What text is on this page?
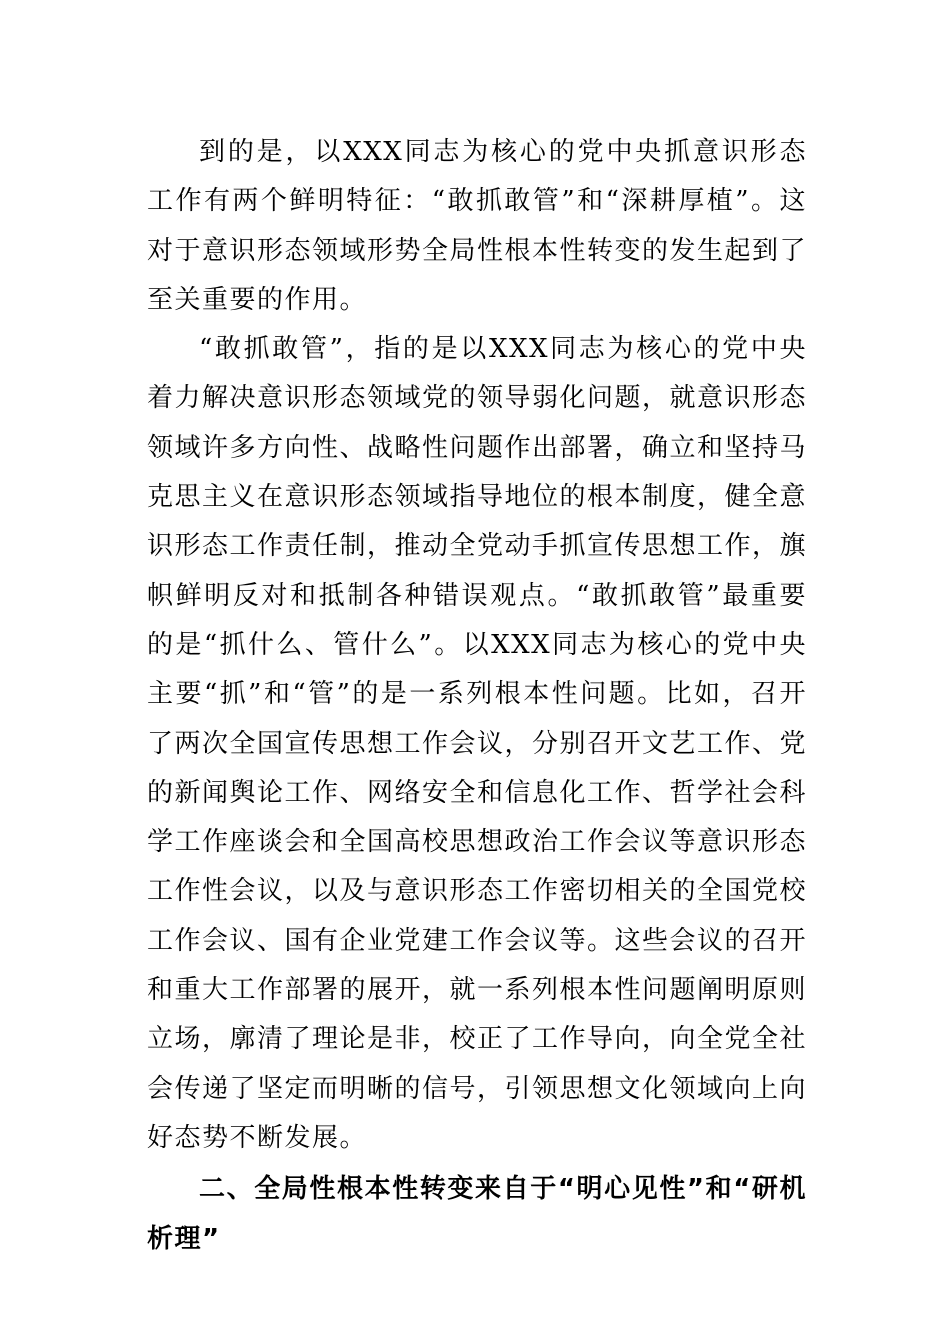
到的是，以XXX同志为核心的党中央抓意识形态工作有两个鲜明特征：“敢抓敢管”和“深耕厚植”。这对于意识形态领域形势全局性根本性转变的发生起到了至关重要的作用。

“敢抓敢管”，指的是以XXX同志为核心的党中央着力解决意识形态领域党的领导弱化问题，就意识形态领域许多方向性、战略性问题作出部署，确立和坚持马克思主义在意识形态领域指导地位的根本制度，健全意识形态工作责任制，推动全党动手抓宣传思想工作，旗帜鲜明反对和抵制各种错误观点。“敢抓敢管”最重要的是“抓什么、管什么”。以XXX同志为核心的党中央主要“抓”和“管”的是一系列根本性问题。比如，召开了两次全国宣传思想工作会议，分别召开文艺工作、党的新闻舆论工作、网络安全和信息化工作、哲学社会科学工作座谈会和全国高校思想政治工作会议等意识形态工作性会议，以及与意识形态工作密切相关的全国党校工作会议、国有企业党建工作会议等。这些会议的召开和重大工作部署的展开，就一系列根本性问题阐明原则立场，廓清了理论是非，校正了工作导向，向全党全社会传递了坚定而明晰的信号，引领思想文化领域向上向好态势不断发展。

二、全局性根本性转变来自于“明心见性”和“研机析理”
